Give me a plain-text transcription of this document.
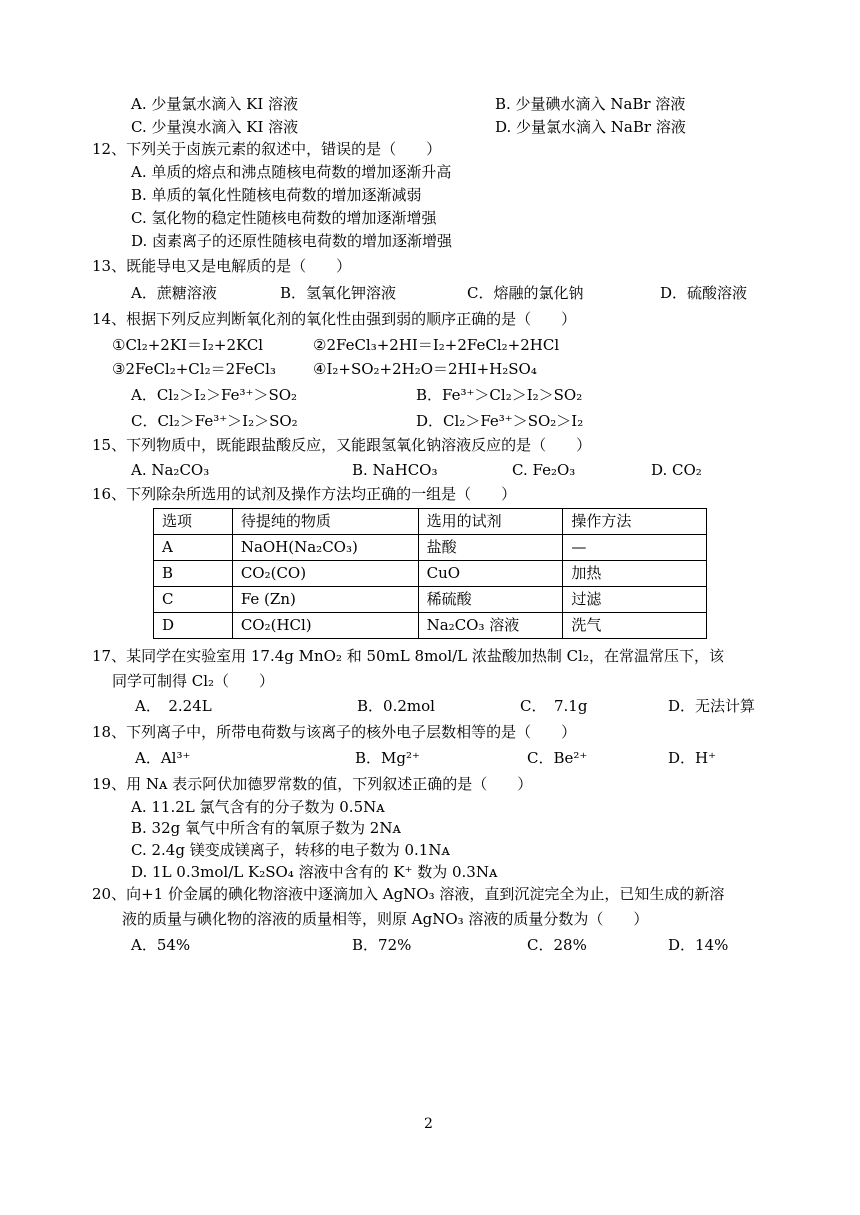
A. 少量氯水滴入 KI 溶液	B. 少量碘水滴入 NaBr 溶液
C. 少量溴水滴入 KI 溶液	D. 少量氯水滴入 NaBr 溶液
12、下列关于卤族元素的叙述中，错误的是（　　）
A. 单质的熔点和沸点随核电荷数的增加逐渐升高
B. 单质的氧化性随核电荷数的增加逐渐减弱
C. 氢化物的稳定性随核电荷数的增加逐渐增强
D. 卤素离子的还原性随核电荷数的增加逐渐增强
13、既能导电又是电解质的是（　　）
A．蔗糖溶液	B．氢氧化钾溶液	C．熔融的氯化钠	D．硫酸溶液
14、根据下列反应判断氧化剂的氧化性由强到弱的顺序正确的是（　　）
①Cl₂+2KI＝I₂+2KCl	②2FeCl₃+2HI＝I₂+2FeCl₂+2HCl
③2FeCl₂+Cl₂＝2FeCl₃ ④I₂+SO₂+2H₂O＝2HI+H₂SO₄
A．Cl₂＞I₂＞Fe³⁺＞SO₂	B．Fe³⁺＞Cl₂＞I₂＞SO₂
C．Cl₂＞Fe³⁺＞I₂＞SO₂	D．Cl₂＞Fe³⁺＞SO₂＞I₂
15、下列物质中，既能跟盐酸反应，又能跟氢氧化钠溶液反应的是（　　）
A. Na₂CO₃	B. NaHCO₃	C. Fe₂O₃	D. CO₂
16、下列除杂所选用的试剂及操作方法均正确的一组是（　　）
选项	待提纯的物质	选用的试剂	操作方法
A	NaOH(Na₂CO₃)	盐酸	—
B	CO₂(CO)	CuO	加热
C	Fe (Zn)	稀硫酸	过滤
D	CO₂(HCl)	Na₂CO₃ 溶液	洗气
17、某同学在实验室用 17.4g MnO₂ 和 50mL 8mol/L 浓盐酸加热制 Cl₂，在常温常压下，该
同学可制得 Cl₂（　　）
A．　2.24L	B．0.2mol	C．　7.1g	D．无法计算
18、下列离子中，所带电荷数与该离子的核外电子层数相等的是（　　）
A．Al³⁺	B．Mg²⁺	C．Be²⁺	D．H⁺
19、用 Nᴀ 表示阿伏加德罗常数的值，下列叙述正确的是（　　）
A. 11.2L 氯气含有的分子数为 0.5Nᴀ
B. 32g 氧气中所含有的氧原子数为 2Nᴀ
C. 2.4g 镁变成镁离子，转移的电子数为 0.1Nᴀ
D. 1L 0.3mol/L K₂SO₄ 溶液中含有的 K⁺ 数为 0.3Nᴀ
20、向+1 价金属的碘化物溶液中逐滴加入 AgNO₃ 溶液，直到沉淀完全为止，已知生成的新溶
液的质量与碘化物的溶液的质量相等，则原 AgNO₃ 溶液的质量分数为（　　）
A．54%	B．72%	C．28%	D．14%
2
